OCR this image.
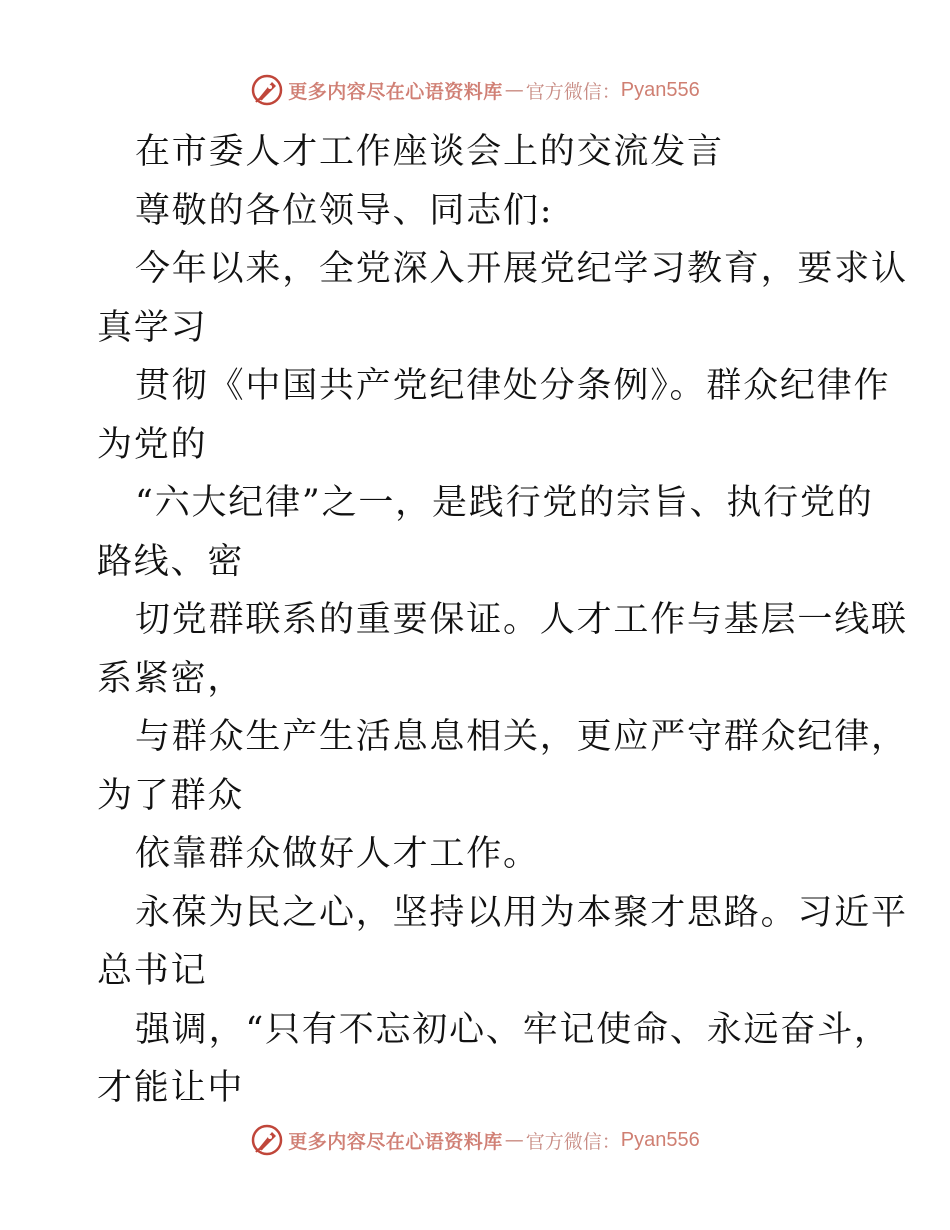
更多内容尽在心语资料库 — 官方微信： Pyan556
在市委人才工作座谈会上的交流发言
尊敬的各位领导、同志们:
今年以来，全党深入开展党纪学习教育，要求认
真学习
贯彻《中国共产党纪律处分条例》。群众纪律作
为党的
“六大纪律”之一，是践行党的宗旨、执行党的
路线、密
切党群联系的重要保证。人才工作与基层一线联
系紧密，
与群众生产生活息息相关，更应严守群众纪律，
为了群众
依靠群众做好人才工作。
永葆为民之心，坚持以用为本聚才思路。习近平
总书记
强调，“只有不忘初心、牢记使命、永远奋斗，
才能让中
更多内容尽在心语资料库 — 官方微信： Pyan556
